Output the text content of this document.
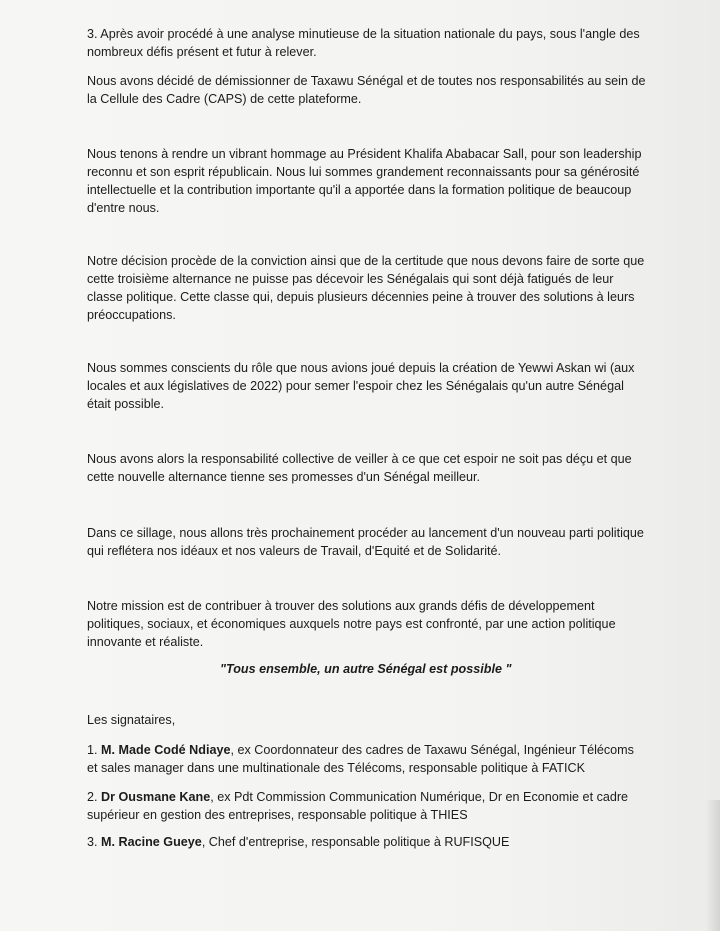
3. Après avoir procédé à une analyse minutieuse de la situation nationale du pays, sous l'angle des nombreux défis présent et futur à relever.

Nous avons décidé de démissionner de Taxawu Sénégal et de toutes nos responsabilités au sein de la Cellule des Cadre (CAPS) de cette plateforme.

Nous tenons à rendre un vibrant hommage au Président Khalifa Ababacar Sall, pour son leadership reconnu et son esprit républicain. Nous lui sommes grandement reconnaissants pour sa générosité intellectuelle et la contribution importante qu'il a apportée dans la formation politique de beaucoup d'entre nous.

Notre décision procède de la conviction ainsi que de la certitude que nous devons faire de sorte que cette troisième alternance ne puisse pas décevoir les Sénégalais qui sont déjà fatigués de leur classe politique. Cette classe qui, depuis plusieurs décennies peine à trouver des solutions à leurs préoccupations.

Nous sommes conscients du rôle que nous avions joué depuis la création de Yewwi Askan wi (aux locales et aux législatives de 2022) pour semer l'espoir chez les Sénégalais qu'un autre Sénégal était possible.

Nous avons alors la responsabilité collective de veiller à ce que cet espoir ne soit pas déçu et que cette nouvelle alternance tienne ses promesses d'un Sénégal meilleur.

Dans ce sillage, nous allons très prochainement procéder au lancement d'un nouveau parti politique qui reflétera nos idéaux et nos valeurs de Travail, d'Equité et de Solidarité.

Notre mission est de contribuer à trouver des solutions aux grands défis de développement politiques, sociaux, et économiques auxquels notre pays est confronté, par une action politique innovante et réaliste.

"Tous ensemble, un autre Sénégal est possible "

Les signataires,

1. M. Made Codé Ndiaye, ex Coordonnateur des cadres de Taxawu Sénégal, Ingénieur Télécoms et sales manager dans une multinationale des Télécoms, responsable politique à FATICK

2. Dr Ousmane Kane, ex Pdt Commission Communication Numérique, Dr en Economie et cadre supérieur en gestion des entreprises, responsable politique à THIES

3. M. Racine Gueye, Chef d'entreprise, responsable politique à RUFISQUE
